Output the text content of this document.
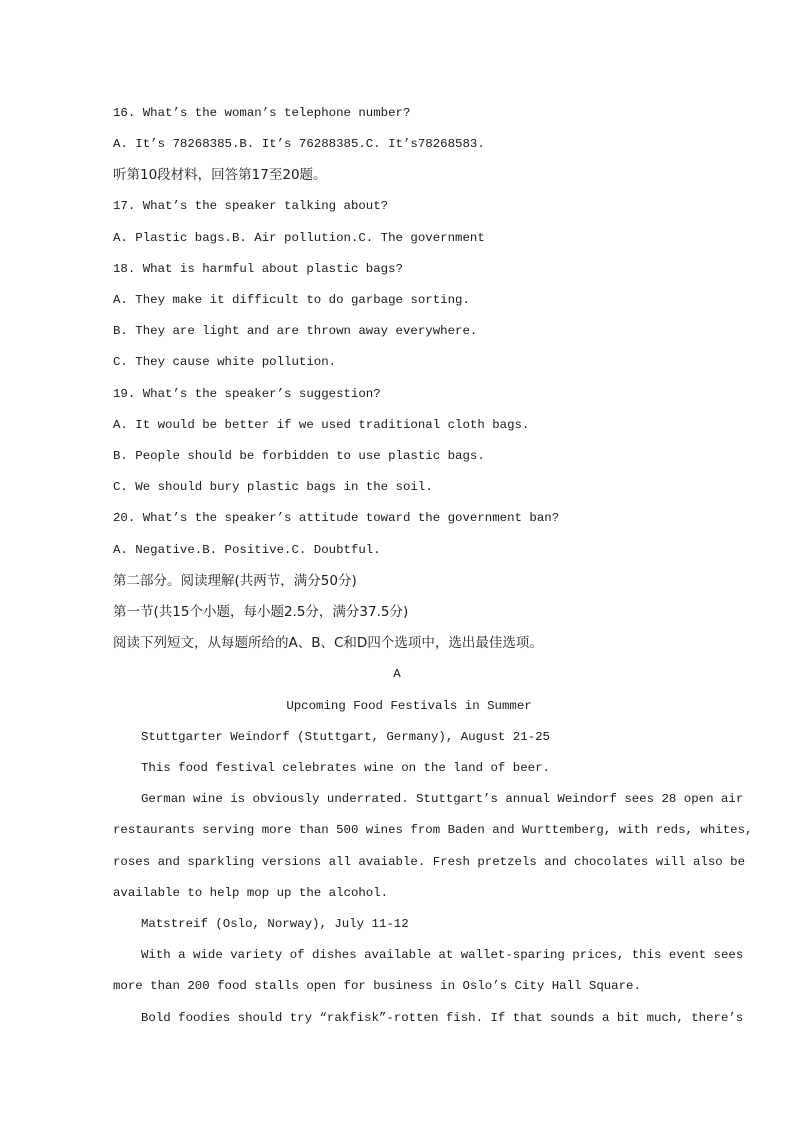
16. What’s the woman’s telephone number?
A. It’s 78268385.B. It’s 76288385.C. It’s78268583.
听第10段材料，回答第17至20题。
17. What’s the speaker talking about?
A. Plastic bags.B. Air pollution.C. The government
18. What is harmful about plastic bags?
A. They make it difficult to do garbage sorting.
B. They are light and are thrown away everywhere.
C. They cause white pollution.
19. What’s the speaker’s suggestion?
A. It would be better if we used traditional cloth bags.
B. People should be forbidden to use plastic bags.
C. We should bury plastic bags in the soil.
20. What’s the speaker’s attitude toward the government ban?
A. Negative.B. Positive.C. Doubtful.
第二部分。阅读理解(共两节，满分50分)
第一节(共15个小题，每小题2.5分，满分37.5分)
阅读下列短文，从每题所给的A、B、C和D四个选项中，选出最佳选项。
A
Upcoming Food Festivals in Summer
Stuttgarter Weindorf (Stuttgart, Germany), August 21-25
This food festival celebrates wine on the land of beer.
German wine is obviously underrated. Stuttgart’s annual Weindorf sees 28 open air
restaurants serving more than 500 wines from Baden and Wurttemberg, with reds, whites,
roses and sparkling versions all avaiable. Fresh pretzels and chocolates will also be
available to help mop up the alcohol.
Matstreif (Oslo, Norway), July 11-12
With a wide variety of dishes available at wallet-sparing prices, this event sees
more than 200 food stalls open for business in Oslo’s City Hall Square.
Bold foodies should try “rakfisk”-rotten fish. If that sounds a bit much, there’s
